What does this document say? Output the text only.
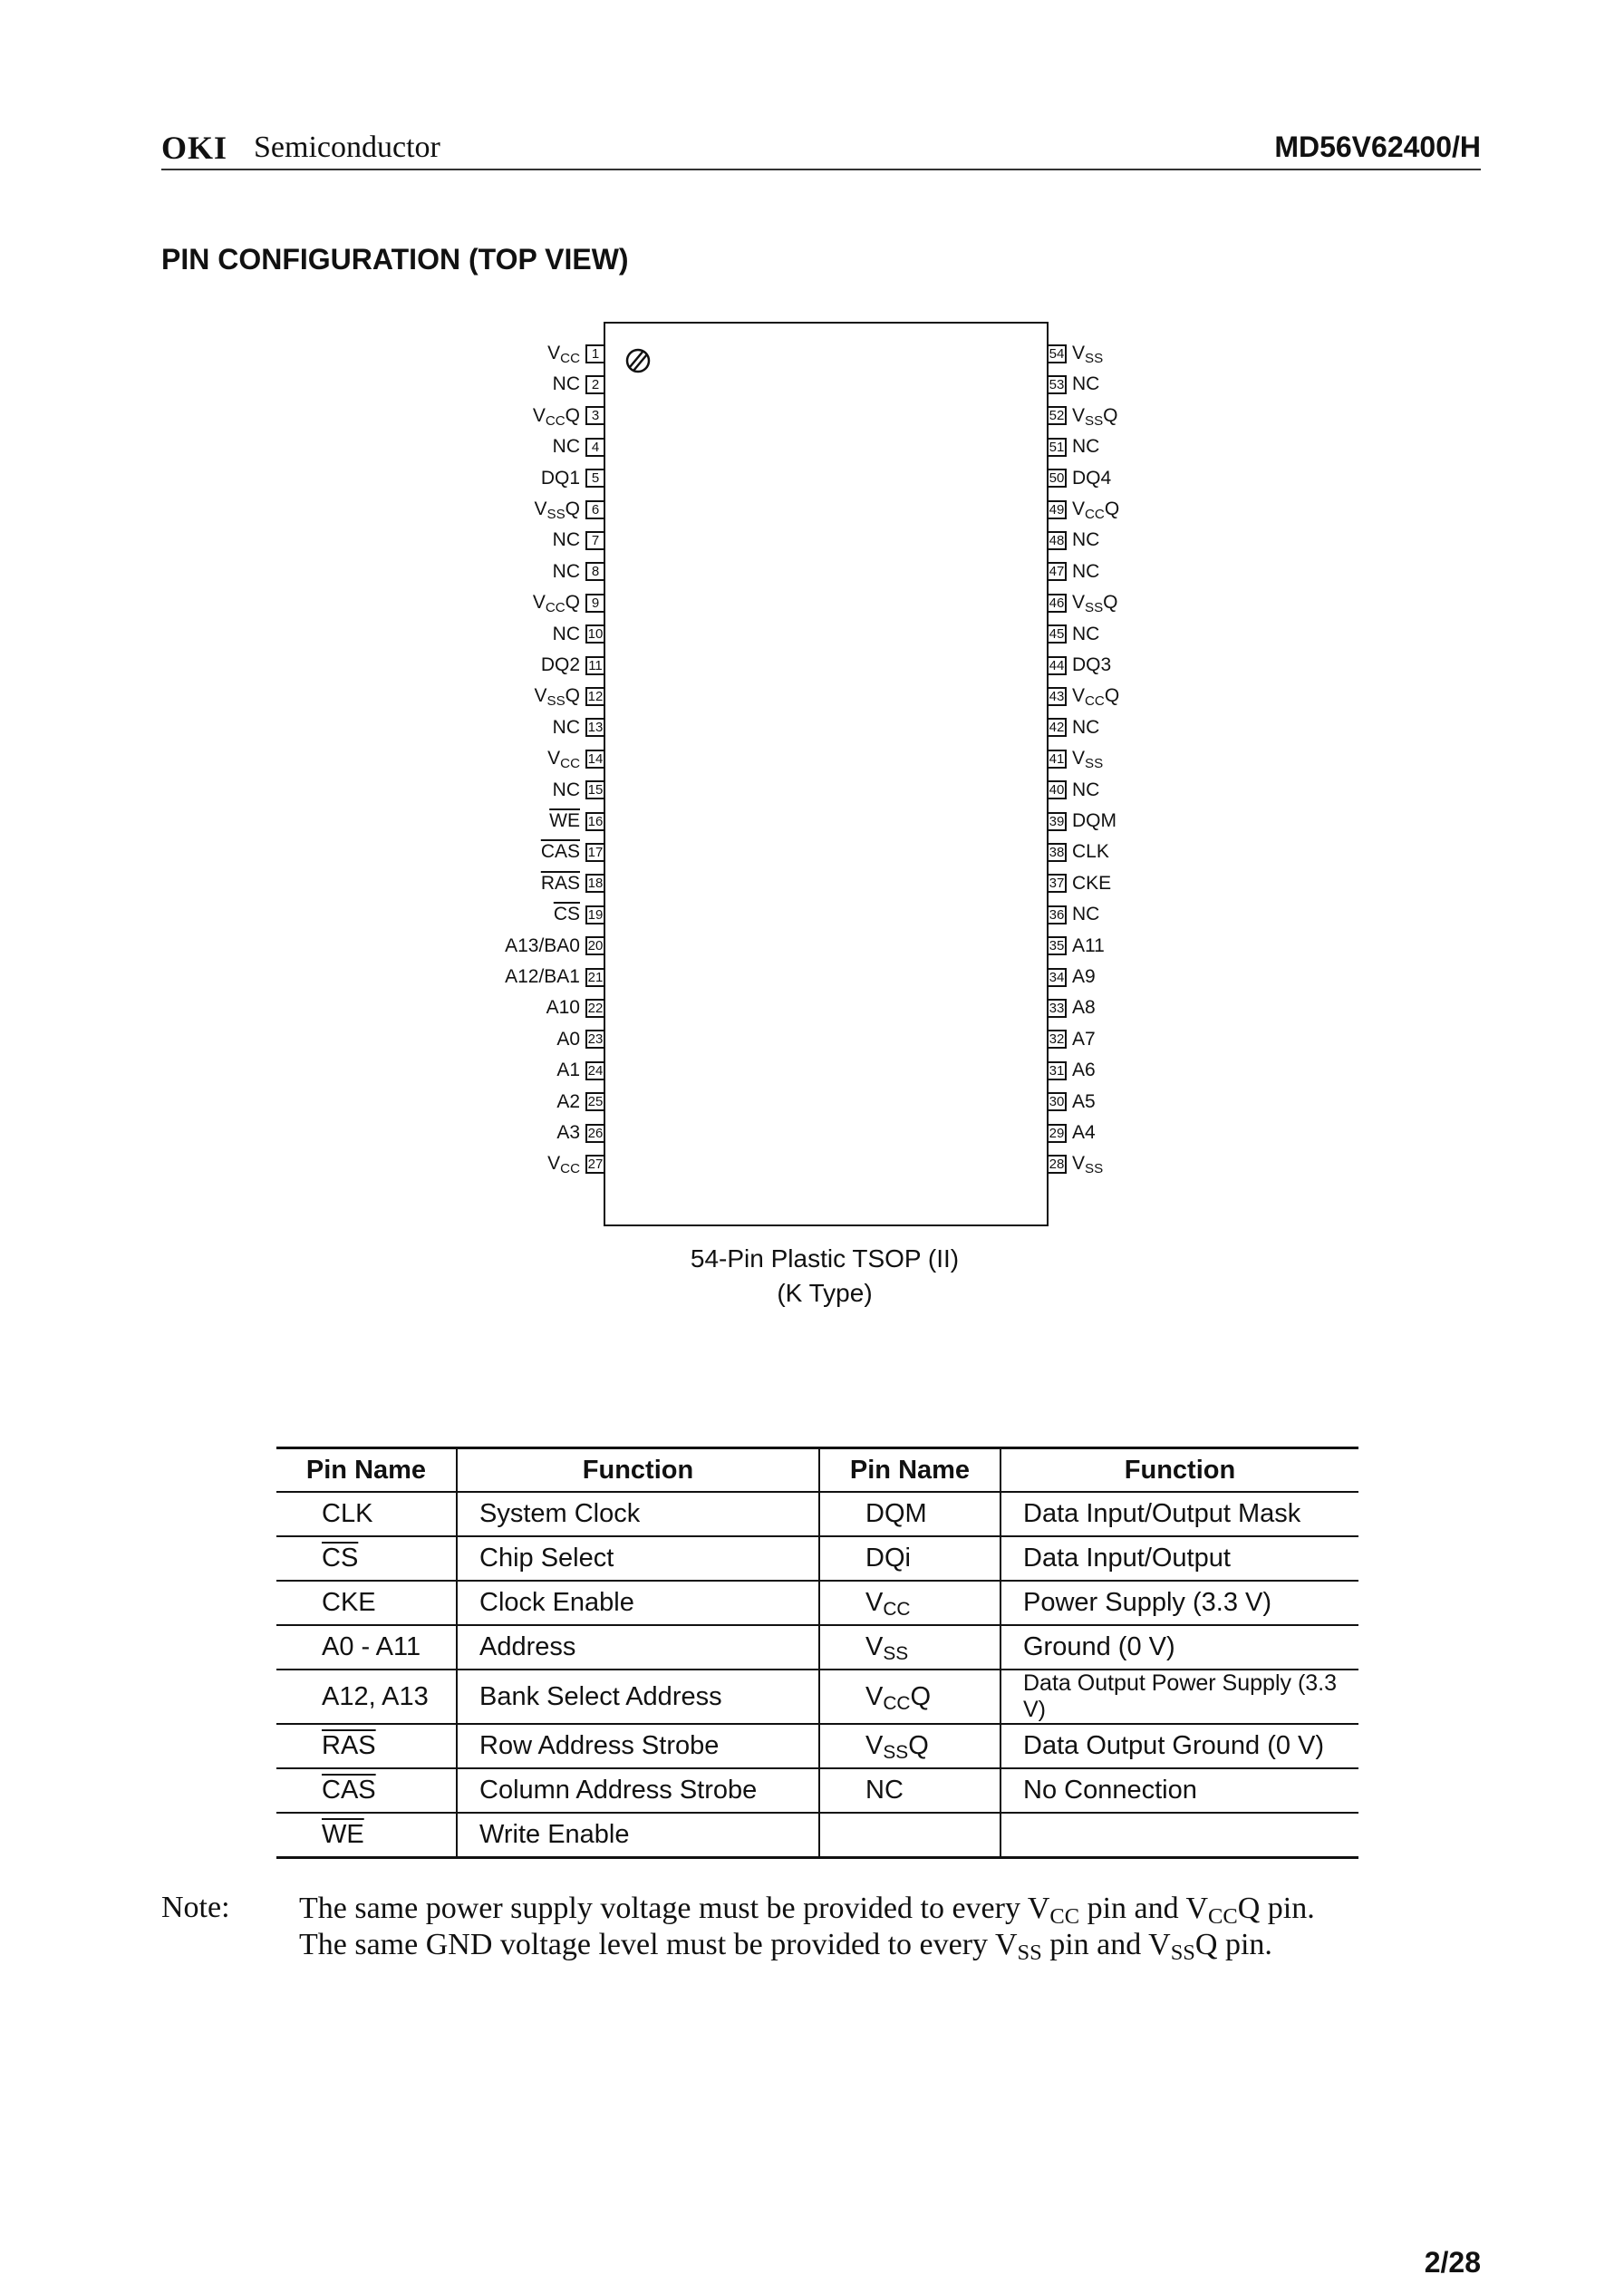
OKI Semiconductor	MD56V62400/H
PIN CONFIGURATION (TOP VIEW)
1
$V_{CC}$
2
NC
3
$V_{CC}Q$
4
NC
5
DQ1
6
$V_{SS}Q$
7
NC
8
NC
9
$V_{CC}Q$
10
NC
11
DQ2
12
$V_{SS}Q$
13
NC
14
$V_{CC}$
15
NC
16
$\overline{WE}$
17
$\overline{CAS}$
18
$\overline{RAS}$
19
$\overline{CS}$
20
A13/BA0
21
A12/BA1
22
A10
23
A0
24
A1
25
A2
26
A3
27
$V_{CC}$
54 $V_{SS}$
53 NC
52 $V_{SS}Q$
51 NC
50 DQ4
49 $V_{CC}Q$
48 NC
47 NC
46 $V_{SS}Q$
45 NC
44 DQ3
43 $V_{CC}Q$
42 NC
41 $V_{SS}$
40 NC
39 DQM
38 CLK
37 CKE
36 NC
35 A11
34 A9
33 A8
32 A7
31 A6
30 A5
29 A4
28 $V_{SS}$
54-Pin Plastic TSOP (II)
(K Type)
Pin Name	Function	Pin Name	Function
CLK	System Clock	DQM	Data Input/Output Mask
$\overline{CS}$	Chip Select	DQi	Data Input/Output
CKE	Clock Enable	$V_{CC}$	Power Supply (3.3 V)
A0 - A11	Address	$V_{SS}$	Ground (0 V)
A12, A13	Bank Select Address	$V_{CC}Q$	Data Output Power Supply (3.3 V)
$\overline{RAS}$	Row Address Strobe	$V_{SS}Q$	Data Output Ground (0 V)
$\overline{CAS}$	Column Address Strobe	NC	No Connection
$\overline{WE}$	Write Enable		
Note: The same power supply voltage must be provided to every $V_{CC}$ pin and $V_{CC}Q$ pin.
The same GND voltage level must be provided to every $V_{SS}$ pin and $V_{SS}Q$ pin.
2/28
